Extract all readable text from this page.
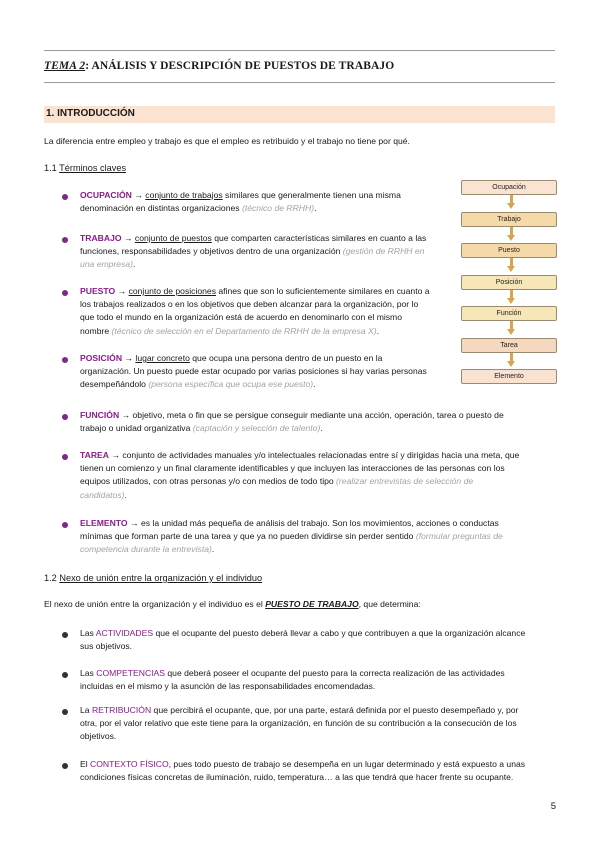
TEMA 2: ANÁLISIS Y DESCRIPCIÓN DE PUESTOS DE TRABAJO
1. INTRODUCCIÓN
La diferencia entre empleo y trabajo es que el empleo es retribuido y el trabajo no tiene por qué.
1.1 Términos claves
OCUPACIÓN → conjunto de trabajos similares que generalmente tienen una misma
denominación en distintas organizaciones (técnico de RRHH).
TRABAJO → conjunto de puestos que comparten características similares en cuanto a las
funciones, responsabilidades y objetivos dentro de una organización (gestión de RRHH en
una empresa).
PUESTO → conjunto de posiciones afines que son lo suficientemente similares en cuanto a
los trabajos realizados o en los objetivos que deben alcanzar para la organización, por lo
que todo el mundo en la organización está de acuerdo en denominarlo con el mismo
nombre (técnico de selección en el Departamento de RRHH de la empresa X).
POSICIÓN → lugar concreto que ocupa una persona dentro de un puesto en la
organización. Un puesto puede estar ocupado por varias posiciones si hay varias personas
desempeñándolo (persona específica que ocupa ese puesto).
Ocupación
Trabajo
Puesto
Posición
Función
Tarea
Elemento
FUNCIÓN → objetivo, meta o fin que se persigue conseguir mediante una acción, operación, tarea o puesto de
trabajo o unidad organizativa (captación y selección de talento).
TAREA → conjunto de actividades manuales y/o intelectuales relacionadas entre sí y dirigidas hacia una meta, que
tienen un comienzo y un final claramente identificables y que incluyen las interacciones de las personas con los
equipos utilizados, con otras personas y/o con medios de todo tipo (realizar entrevistas de selección de
candidatos).
ELEMENTO → es la unidad más pequeña de análisis del trabajo. Son los movimientos, acciones o conductas
mínimas que forman parte de una tarea y que ya no pueden dividirse sin perder sentido (formular preguntas de
competencia durante la entrevista).
1.2 Nexo de unión entre la organización y el individuo
El nexo de unión entre la organización y el individuo es el PUESTO DE TRABAJO, que determina:
Las ACTIVIDADES que el ocupante del puesto deberá llevar a cabo y que contribuyen a que la organización alcance
sus objetivos.
Las COMPETENCIAS que deberá poseer el ocupante del puesto para la correcta realización de las actividades
incluidas en el mismo y la asunción de las responsabilidades encomendadas.
La RETRIBUCIÓN que percibirá el ocupante, que, por una parte, estará definida por el puesto desempeñado y, por
otra, por el valor relativo que este tiene para la organización, en función de su contribución a la consecución de los
objetivos.
El CONTEXTO FÍSICO, pues todo puesto de trabajo se desempeña en un lugar determinado y está expuesto a unas
condiciones físicas concretas de iluminación, ruido, temperatura… a las que tendrá que hacer frente su ocupante.
5
